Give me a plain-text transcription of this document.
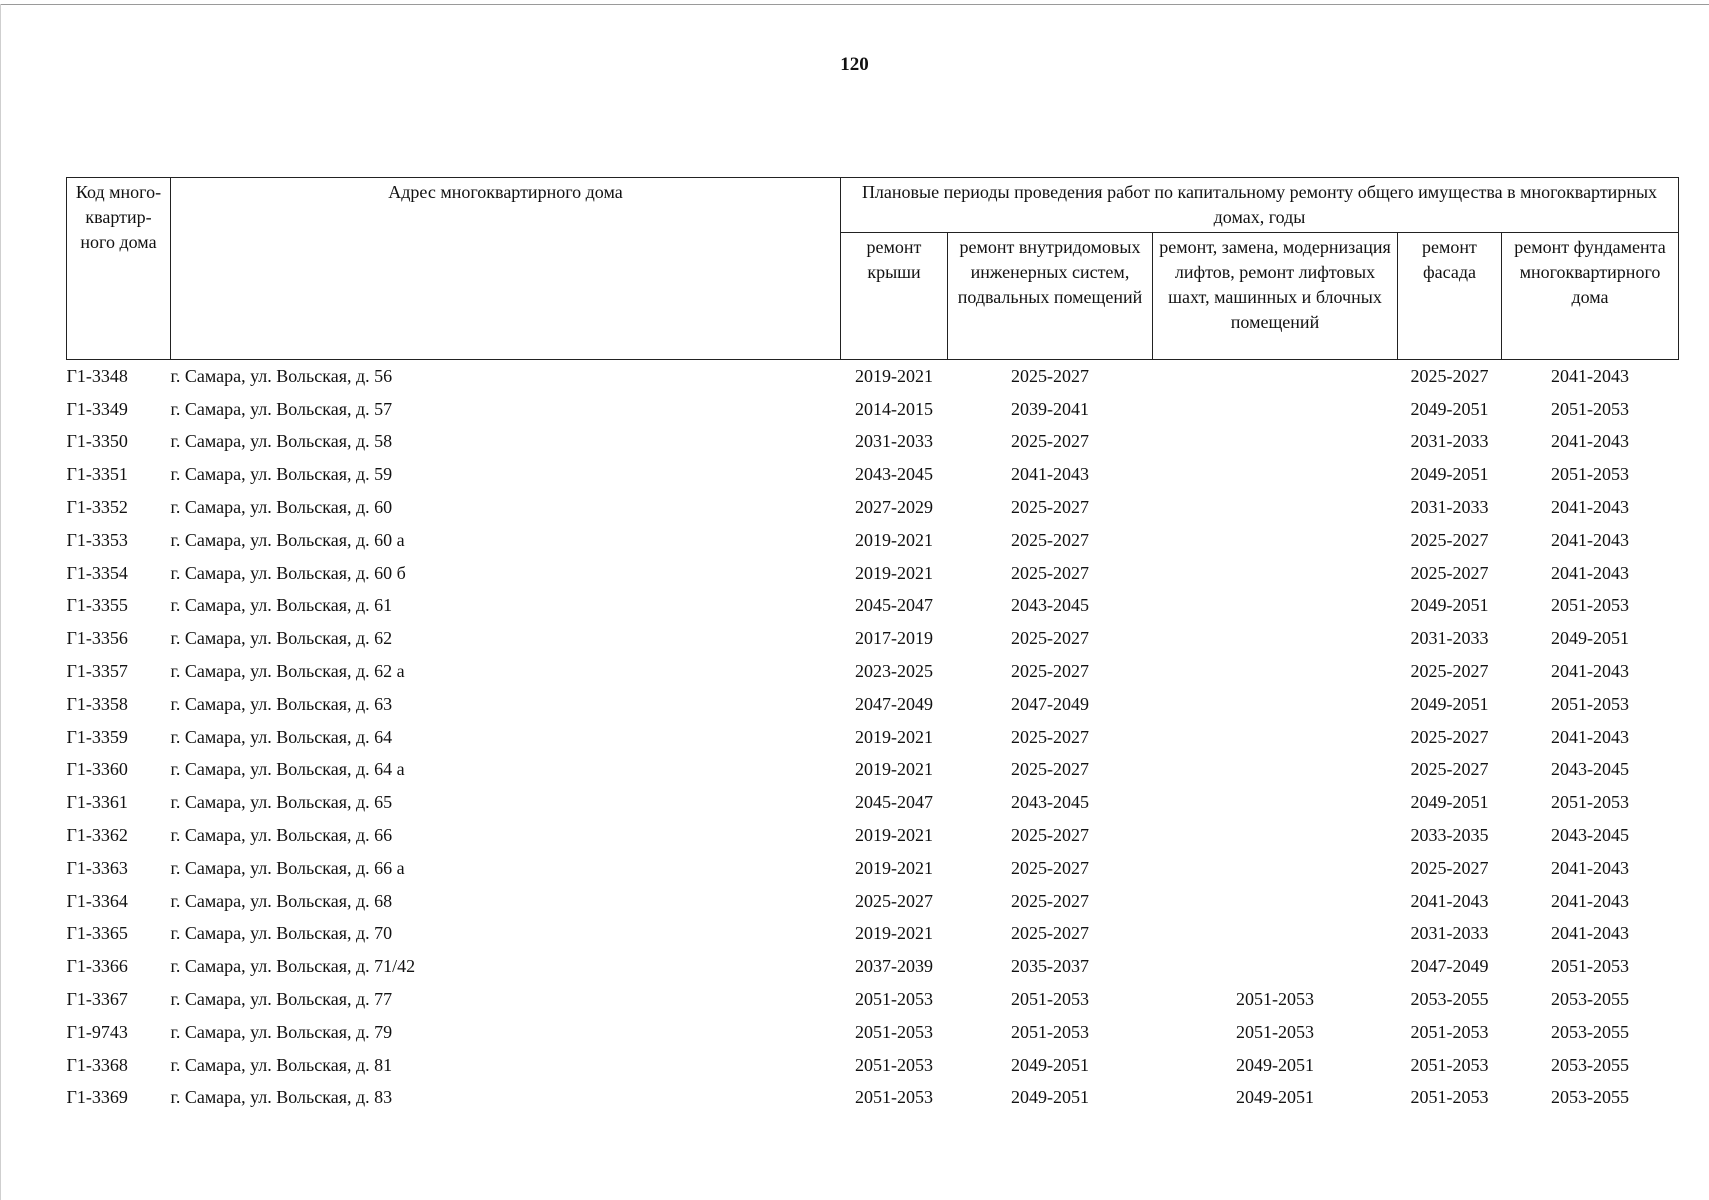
120
Код много-квартир-ного дома	Адрес многоквартирного дома	Плановые периоды проведения работ по капитальному ремонту общего имущества в многоквартирных домах, годы				
		ремонт крыши	ремонт внутридомовых инженерных систем, подвальных помещений	ремонт, замена, модернизация лифтов, ремонт лифтовых шахт, машинных и блочных помещений	ремонт фасада	ремонт фундамента многоквартирного дома
Г1-3348	г. Самара, ул. Вольская, д. 56	2019-2021	2025-2027		2025-2027	2041-2043
Г1-3349	г. Самара, ул. Вольская, д. 57	2014-2015	2039-2041		2049-2051	2051-2053
Г1-3350	г. Самара, ул. Вольская, д. 58	2031-2033	2025-2027		2031-2033	2041-2043
Г1-3351	г. Самара, ул. Вольская, д. 59	2043-2045	2041-2043		2049-2051	2051-2053
Г1-3352	г. Самара, ул. Вольская, д. 60	2027-2029	2025-2027		2031-2033	2041-2043
Г1-3353	г. Самара, ул. Вольская, д. 60 а	2019-2021	2025-2027		2025-2027	2041-2043
Г1-3354	г. Самара, ул. Вольская, д. 60 б	2019-2021	2025-2027		2025-2027	2041-2043
Г1-3355	г. Самара, ул. Вольская, д. 61	2045-2047	2043-2045		2049-2051	2051-2053
Г1-3356	г. Самара, ул. Вольская, д. 62	2017-2019	2025-2027		2031-2033	2049-2051
Г1-3357	г. Самара, ул. Вольская, д. 62 а	2023-2025	2025-2027		2025-2027	2041-2043
Г1-3358	г. Самара, ул. Вольская, д. 63	2047-2049	2047-2049		2049-2051	2051-2053
Г1-3359	г. Самара, ул. Вольская, д. 64	2019-2021	2025-2027		2025-2027	2041-2043
Г1-3360	г. Самара, ул. Вольская, д. 64 а	2019-2021	2025-2027		2025-2027	2043-2045
Г1-3361	г. Самара, ул. Вольская, д. 65	2045-2047	2043-2045		2049-2051	2051-2053
Г1-3362	г. Самара, ул. Вольская, д. 66	2019-2021	2025-2027		2033-2035	2043-2045
Г1-3363	г. Самара, ул. Вольская, д. 66 а	2019-2021	2025-2027		2025-2027	2041-2043
Г1-3364	г. Самара, ул. Вольская, д. 68	2025-2027	2025-2027		2041-2043	2041-2043
Г1-3365	г. Самара, ул. Вольская, д. 70	2019-2021	2025-2027		2031-2033	2041-2043
Г1-3366	г. Самара, ул. Вольская, д. 71/42	2037-2039	2035-2037		2047-2049	2051-2053
Г1-3367	г. Самара, ул. Вольская, д. 77	2051-2053	2051-2053	2051-2053	2053-2055	2053-2055
Г1-9743	г. Самара, ул. Вольская, д. 79	2051-2053	2051-2053	2051-2053	2051-2053	2053-2055
Г1-3368	г. Самара, ул. Вольская, д. 81	2051-2053	2049-2051	2049-2051	2051-2053	2053-2055
Г1-3369	г. Самара, ул. Вольская, д. 83	2051-2053	2049-2051	2049-2051	2051-2053	2053-2055
